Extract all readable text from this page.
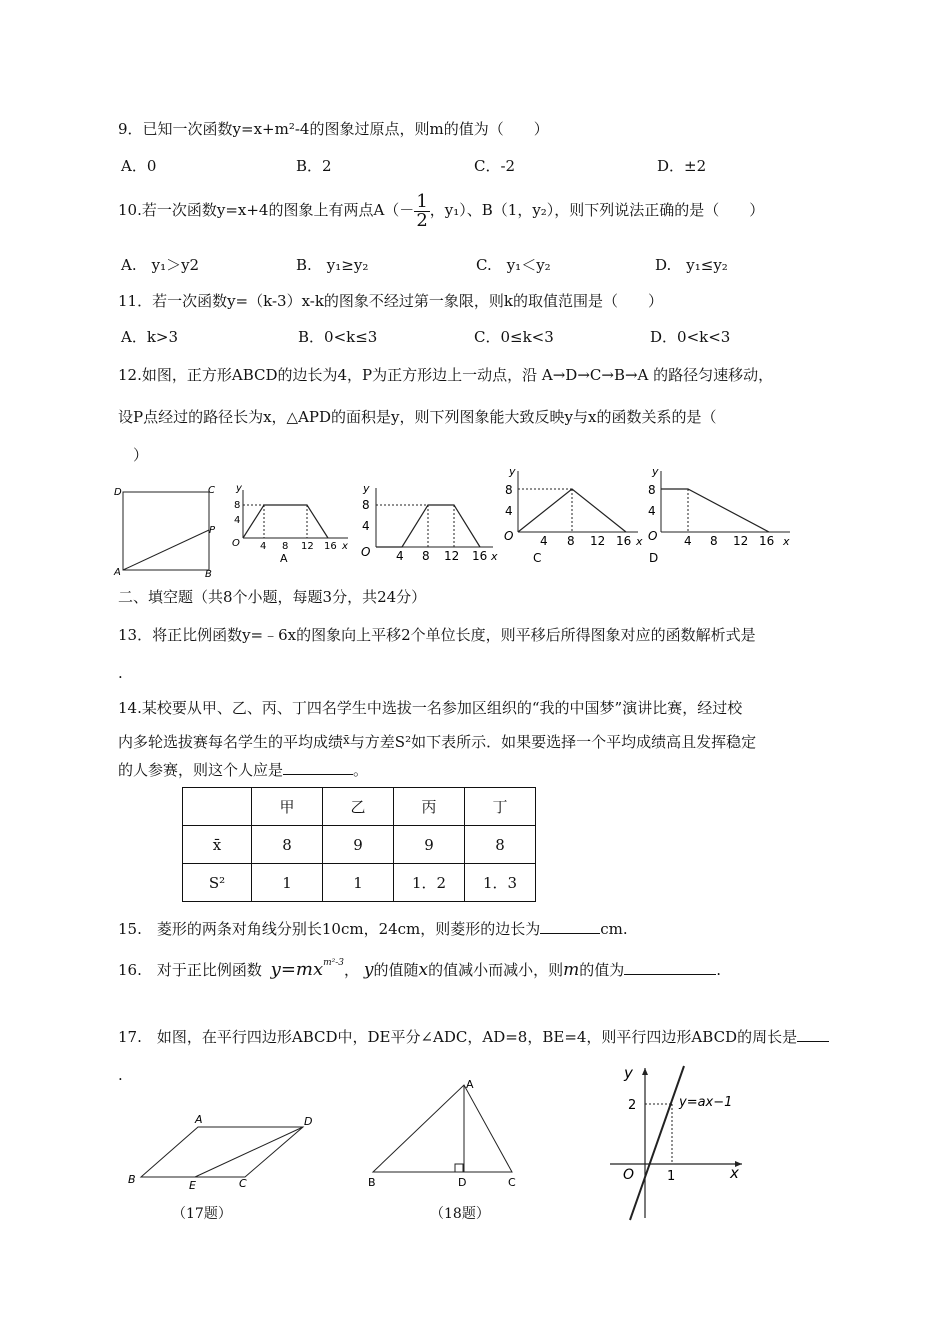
9．已知一次函数y=x+m²-4的图象过原点，则m的值为（　　）
A．0	B．2	C．-2	D．±2
10.若一次函数y=x+4的图象上有两点$A(- \frac{1}{2}$ ，y₁）、B（1，y₂），则下列说法正确的是（　　）
A.　y₁＞y2	B.　y₁≥y₂	C.　y₁＜y₂	D.　y₁≤y₂
11．若一次函数y=（k-3）x-k的图象不经过第一象限，则k的取值范围是（　　）
A．k>3	B．0<k≤3	C．0≤k<3	D．0<k<3
12.如图，正方形ABCD的边长为4，P为正方形边上一动点，沿 A→D→C→B→A 的路径匀速移动，
设P点经过的路径长为x，△APD的面积是y，则下列图象能大致反映y与x的函数关系的是（
）
D	C
A	B
P
y
8
4
O 4 8 12 16 x
A
y
8
4
O 4 8 12 16 x
8
4
O 4 8 12 16 x
C
8
4
O 4 8 12 16 x
D
y	y
二、填空题（共8个小题，每题3分，共24分）
13．将正比例函数y=﹣6x的图象向上平移2个单位长度，则平移后所得图象对应的函数解析式是
.
14.某校要从甲、乙、丙、丁四名学生中选拔一名参加区组织的“我的中国梦”演讲比赛，经过校
内多轮选拔赛每名学生的平均成绩$^{x̄}$与方差S²如下表所示．如果要选择一个平均成绩高且发挥稳定
的人参赛，则这个人应是	。
	甲	乙	丙	丁
x̄	8	9	9	8
S²	1	1	1．2	1．3
15.　菱形的两条对角线分别长10cm，24cm，则菱形的边长为	cm.
16.　对于正比例函数 $y=mx^{m^2-3}$， y的值随x的值减小而减小，则m的值为	.
17.　如图，在平行四边形ABCD中，DE平分∠ADC，AD=8，BE=4，则平行四边形ABCD的周长是
.
A	D
B	E	C
（17题）
A
B	D	C
（18题）
y
2
O	1	x
y=ax−1
